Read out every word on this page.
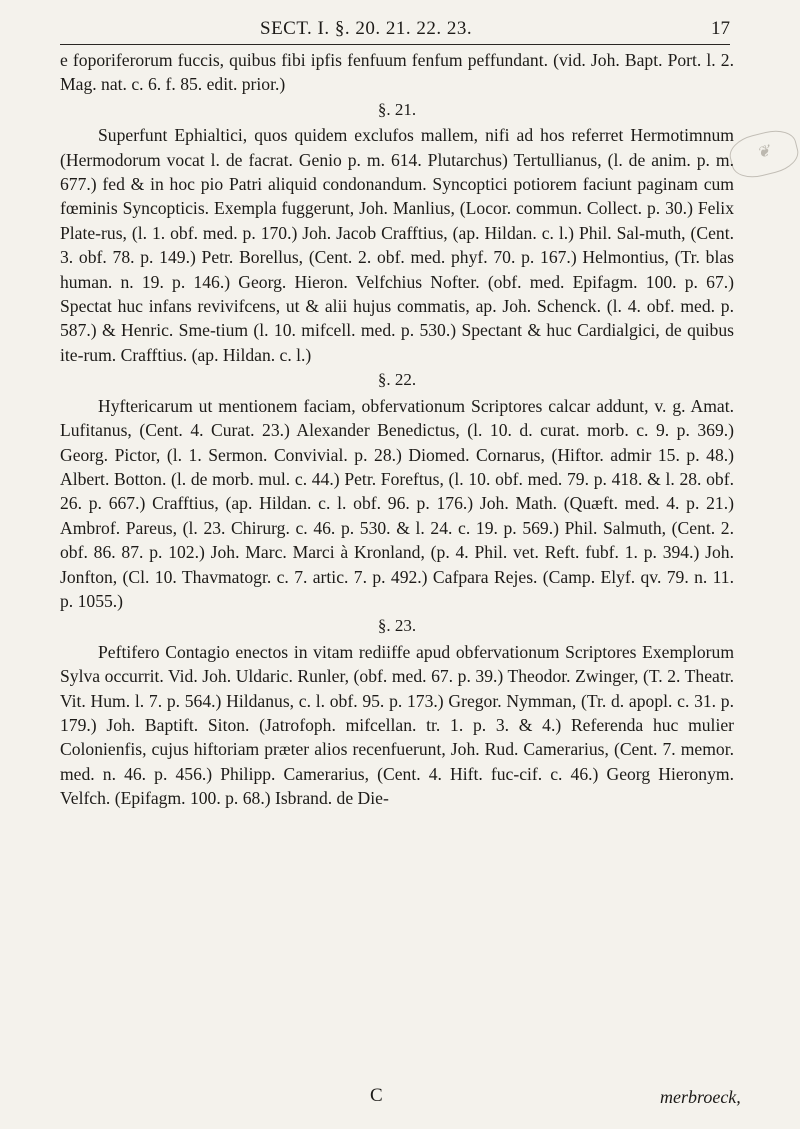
SECT. I. §. 20. 21. 22. 23.	17
❦

e foporiferorum fuccis, quibus fibi ipfis fenfuum fenfum peffundant. (vid. Joh. Bapt. Port. l. 2. Mag. nat. c. 6. f. 85. edit. prior.)

§. 21.

Superfunt Ephialtici, quos quidem exclufos mallem, nifi ad hos referret Hermotimnum (Hermodorum vocat l. de facrat. Genio p. m. 614. Plutarchus) Tertullianus, (l. de anim. p. m. 677.) fed & in hoc pio Patri aliquid condonandum. Syncoptici potiorem faciunt paginam cum fœminis Syncopticis. Exempla fuggerunt, Joh. Manlius, (Locor. commun. Collect. p. 30.) Felix Plate-rus, (l. 1. obf. med. p. 170.) Joh. Jacob Crafftius, (ap. Hildan. c. l.) Phil. Sal-muth, (Cent. 3. obf. 78. p. 149.) Petr. Borellus, (Cent. 2. obf. med. phyf. 70. p. 167.) Helmontius, (Tr. blas human. n. 19. p. 146.) Georg. Hieron. Velfchius Nofter. (obf. med. Epifagm. 100. p. 67.) Spectat huc infans revivifcens, ut & alii hujus commatis, ap. Joh. Schenck. (l. 4. obf. med. p. 587.) & Henric. Sme-tium (l. 10. mifcell. med. p. 530.) Spectant & huc Cardialgici, de quibus ite-rum. Crafftius. (ap. Hildan. c. l.)

§. 22.

Hyftericarum ut mentionem faciam, obfervationum Scriptores calcar addunt, v. g. Amat. Lufitanus, (Cent. 4. Curat. 23.) Alexander Benedictus, (l. 10. d. curat. morb. c. 9. p. 369.) Georg. Pictor, (l. 1. Sermon. Convivial. p. 28.) Diomed. Cornarus, (Hiftor. admir 15. p. 48.) Albert. Botton. (l. de morb. mul. c. 44.) Petr. Foreftus, (l. 10. obf. med. 79. p. 418. & l. 28. obf. 26. p. 667.) Crafftius, (ap. Hildan. c. l. obf. 96. p. 176.) Joh. Math. (Quæft. med. 4. p. 21.) Ambrof. Pareus, (l. 23. Chirurg. c. 46. p. 530. & l. 24. c. 19. p. 569.) Phil. Salmuth, (Cent. 2. obf. 86. 87. p. 102.) Joh. Marc. Marci à Kronland, (p. 4. Phil. vet. Reft. fubf. 1. p. 394.) Joh. Jonfton, (Cl. 10. Thavmatogr. c. 7. artic. 7. p. 492.) Cafpara Rejes. (Camp. Elyf. qv. 79. n. 11. p. 1055.)

§. 23.

Peftifero Contagio enectos in vitam rediiffe apud obfervationum Scriptores Exemplorum Sylva occurrit. Vid. Joh. Uldaric. Runler, (obf. med. 67. p. 39.) Theodor. Zwinger, (T. 2. Theatr. Vit. Hum. l. 7. p. 564.) Hildanus, c. l. obf. 95. p. 173.) Gregor. Nymman, (Tr. d. apopl. c. 31. p. 179.) Joh. Baptift. Siton. (Jatrofoph. mifcellan. tr. 1. p. 3. & 4.) Referenda huc mulier Colonienfis, cujus hiftoriam præter alios recenfuerunt, Joh. Rud. Camerarius, (Cent. 7. memor. med. n. 46. p. 456.) Philipp. Camerarius, (Cent. 4. Hift. fuc-cif. c. 46.) Georg Hieronym. Velfch. (Epifagm. 100. p. 68.) Isbrand. de Die-

C	merbroeck,
